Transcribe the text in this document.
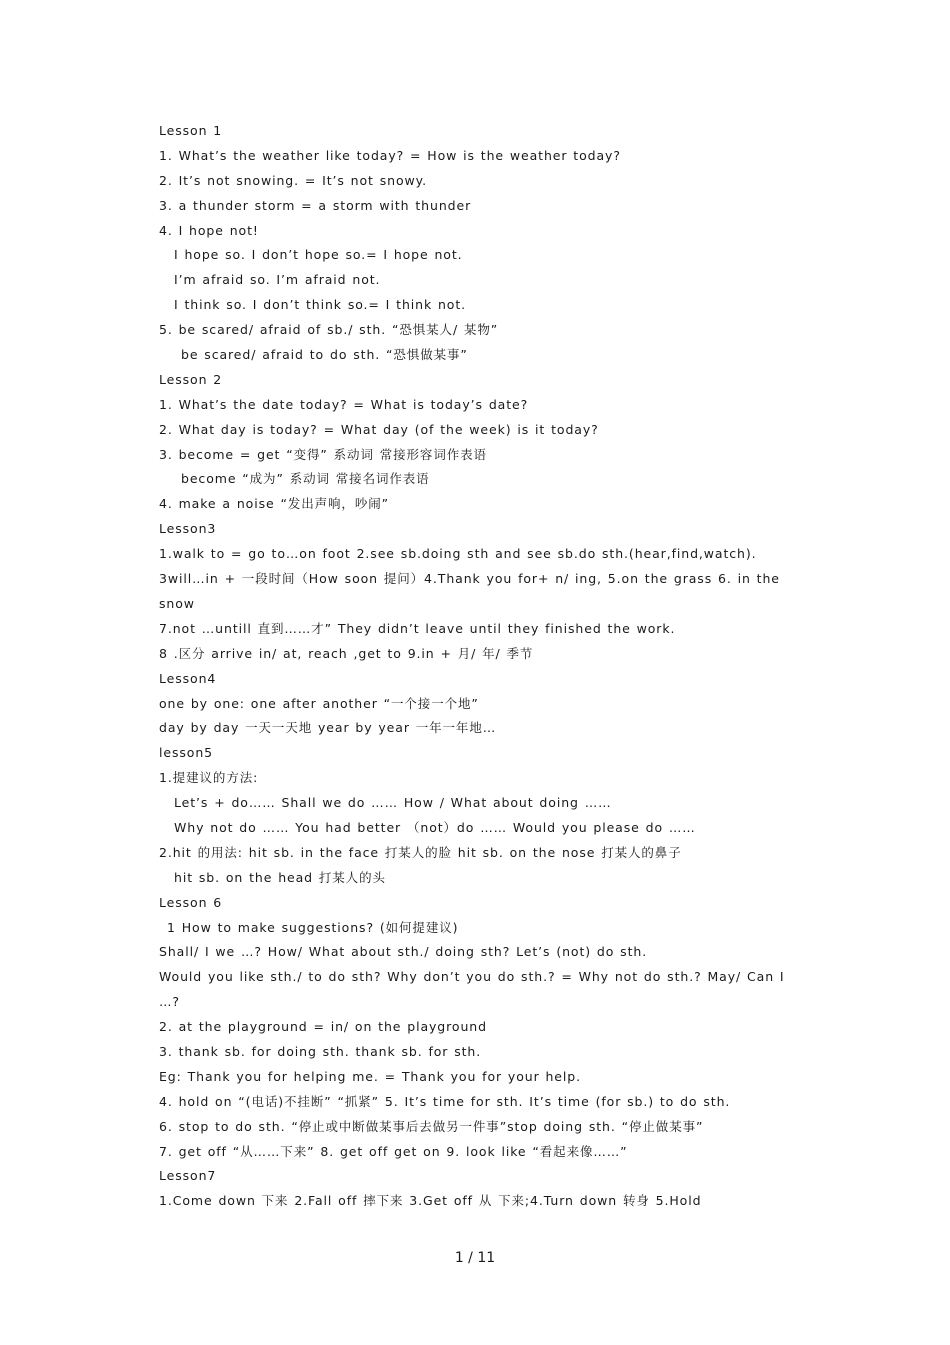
Lesson 1
1. What’s the weather like today? = How is the weather today?
2. It’s not snowing. = It’s not snowy.
3. a thunder storm = a storm with thunder
4. I hope not!
I hope so. I don’t hope so.= I hope not.
I’m afraid so. I’m afraid not.
I think so. I don’t think so.= I think not.
5. be scared/ afraid of sb./ sth. “恐惧某人/ 某物”
be scared/ afraid to do sth. “恐惧做某事”
Lesson 2
1. What’s the date today? = What is today’s date?
2. What day is today? = What day (of the week) is it today?
3. become = get “变得” 系动词 常接形容词作表语
become “成为” 系动词 常接名词作表语
4. make a noise “发出声响，吵闹”
Lesson3
1.walk to = go to…on foot 2.see sb.doing sth and see sb.do sth.(hear,find,watch).
3will…in + 一段时间（How soon 提问）4.Thank you for+ n/ ing, 5.on the grass 6. in the snow
7.not …untill 直到……才” They didn’t leave until they finished the work.
8 .区分 arrive in/ at, reach ,get to 9.in + 月/ 年/ 季节
Lesson4
one by one: one after another “一个接一个地”
day by day 一天一天地 year by year 一年一年地…
lesson5
1.提建议的方法:
Let’s + do…… Shall we do …… How / What about doing ……
Why not do …… You had better （not）do …… Would you please do ……
2.hit 的用法: hit sb. in the face 打某人的脸 hit sb. on the nose 打某人的鼻子
hit sb. on the head 打某人的头
Lesson 6
1 How to make suggestions? (如何提建议)
Shall/ I we …? How/ What about sth./ doing sth? Let’s (not) do sth.
Would you like sth./ to do sth? Why don’t you do sth.? = Why not do sth.? May/ Can I …?
2. at the playground = in/ on the playground
3. thank sb. for doing sth. thank sb. for sth.
Eg: Thank you for helping me. = Thank you for your help.
4. hold on “(电话)不挂断” “抓紧” 5. It’s time for sth. It’s time (for sb.) to do sth.
6. stop to do sth. “停止或中断做某事后去做另一件事”stop doing sth. “停止做某事”
7. get off “从……下来” 8. get off get on 9. look like “看起来像……”
Lesson7
1.Come down 下来 2.Fall off 摔下来 3.Get off 从 下来;4.Turn down 转身 5.Hold
1 / 11
